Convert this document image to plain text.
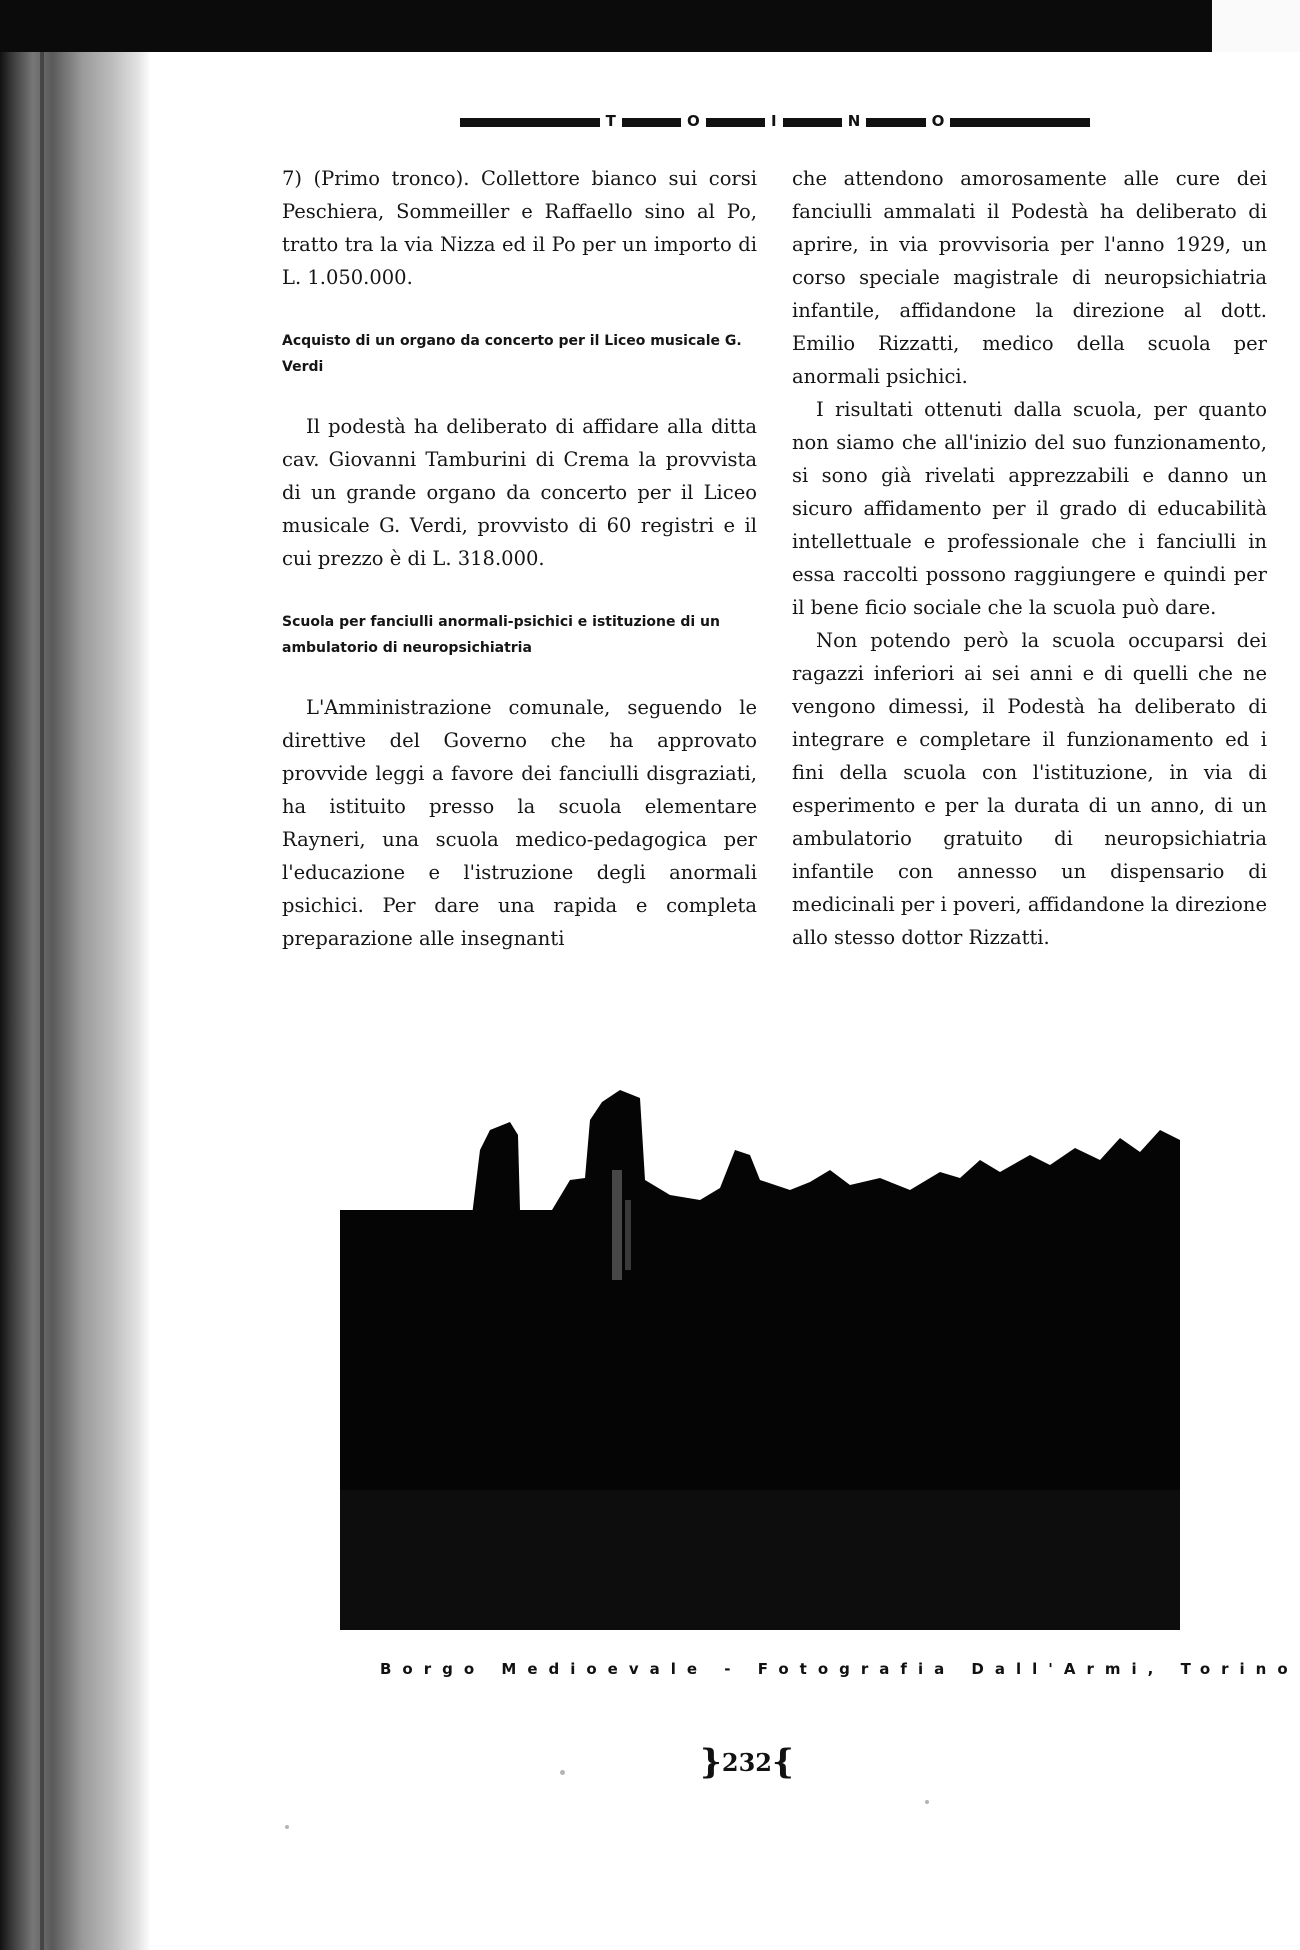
T	O	I	N	O

7) (Primo tronco). Collettore bianco sui corsi Peschiera, Sommeiller e Raffaello sino al Po, tratto tra la via Nizza ed il Po per un importo di L. 1.050.000.

Acquisto di un organo da concerto per il Liceo musicale G. Verdi

Il podestà ha deliberato di affidare alla ditta cav. Giovanni Tamburini di Crema la provvista di un grande organo da concerto per il Liceo musicale G. Verdi, provvisto di 60 registri e il cui prezzo è di L. 318.000.

Scuola per fanciulli anormali-psichici e istituzione di un ambulatorio di neuropsichiatria

L'Amministrazione comunale, seguendo le direttive del Governo che ha approvato provvide leggi a favore dei fanciulli disgraziati, ha istituito presso la scuola elementare Rayneri, una scuola medico-pedagogica per l'educazione e l'istruzione degli anormali psichici. Per dare una rapida e completa preparazione alle insegnanti

che attendono amorosamente alle cure dei fanciulli ammalati il Podestà ha deliberato di aprire, in via provvisoria per l'anno 1929, un corso speciale magistrale di neuropsichiatria infantile, affidandone la direzione al dott. Emilio Rizzatti, medico della scuola per anormali psichici.

I risultati ottenuti dalla scuola, per quanto non siamo che all'inizio del suo funzionamento, si sono già rivelati apprezzabili e danno un sicuro affidamento per il grado di educabilità intellettuale e professionale che i fanciulli in essa raccolti possono raggiungere e quindi per il bene ficio sociale che la scuola può dare.

Non potendo però la scuola occuparsi dei ragazzi inferiori ai sei anni e di quelli che ne vengono dimessi, il Podestà ha deliberato di integrare e completare il funzionamento ed i fini della scuola con l'istituzione, in via di esperimento e per la durata di un anno, di un ambulatorio gratuito di neuropsichiatria infantile con annesso un dispensario di medicinali per i poveri, affidandone la direzione allo stesso dottor Rizzatti.

Borgo Medioevale - Fotografia Dall'Armi, Torino
}232{
